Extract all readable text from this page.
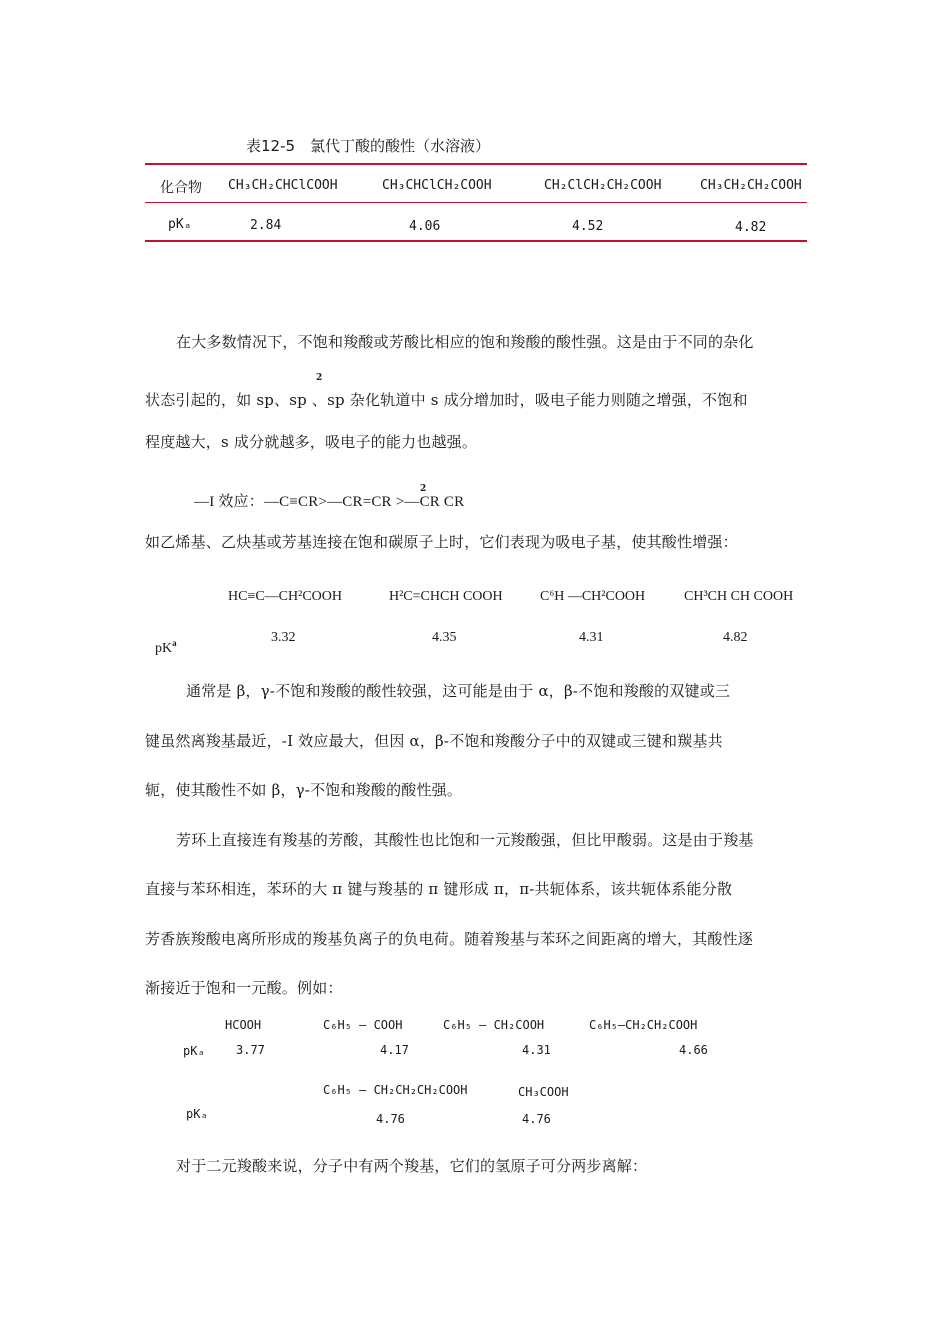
表12-5　氯代丁酸的酸性（水溶液）
化合物 CH₃CH₂CHClCOOH	CH₃CHClCH₂COOH	CH₂ClCH₂CH₂COOH	CH₃CH₂CH₂COOH
pKₐ	2.84	4.06	4.52	4.82
在大多数情况下，不饱和羧酸或芳酸比相应的饱和羧酸的酸性强。这是由于不同的杂化
2
状态引起的，如 sp、sp 、sp 杂化轨道中 s 成分增加时，吸电子能力则随之增强，不饱和
程度越大，s 成分就越多，吸电子的能力也越强。
—I 效应：—C≡CR>—CR=CR >—CR CR
2
如乙烯基、乙炔基或芳基连接在饱和碳原子上时，它们表现为吸电子基，使其酸性增强：
HC≡C—CH²COOH	H²C=CHCH COOH	C⁶H —CH²COOH	CH³CH CH COOH
$pK^a$	3.32	4.35	4.31	4.82
通常是 β，γ-不饱和羧酸的酸性较强，这可能是由于 α，β-不饱和羧酸的双键或三
键虽然离羧基最近，-I 效应最大，但因 α，β-不饱和羧酸分子中的双键或三键和羰基共
轭，使其酸性不如 β，γ-不饱和羧酸的酸性强。
芳环上直接连有羧基的芳酸，其酸性也比饱和一元羧酸强，但比甲酸弱。这是由于羧基
直接与苯环相连，苯环的大 π 键与羧基的 π 键形成 π，π-共轭体系，该共轭体系能分散
芳香族羧酸电离所形成的羧基负离子的负电荷。随着羧基与苯环之间距离的增大，其酸性逐
渐接近于饱和一元酸。例如：
HCOOH	C₆H₅ — COOH	C₆H₅ — CH₂COOH	C₆H₅—CH₂CH₂COOH
pKₐ	3.77	4.17	4.31	4.66
C₆H₅ — CH₂CH₂CH₂COOH	CH₃COOH
pKₐ	4.76	4.76
对于二元羧酸来说，分子中有两个羧基，它们的氢原子可分两步离解：
